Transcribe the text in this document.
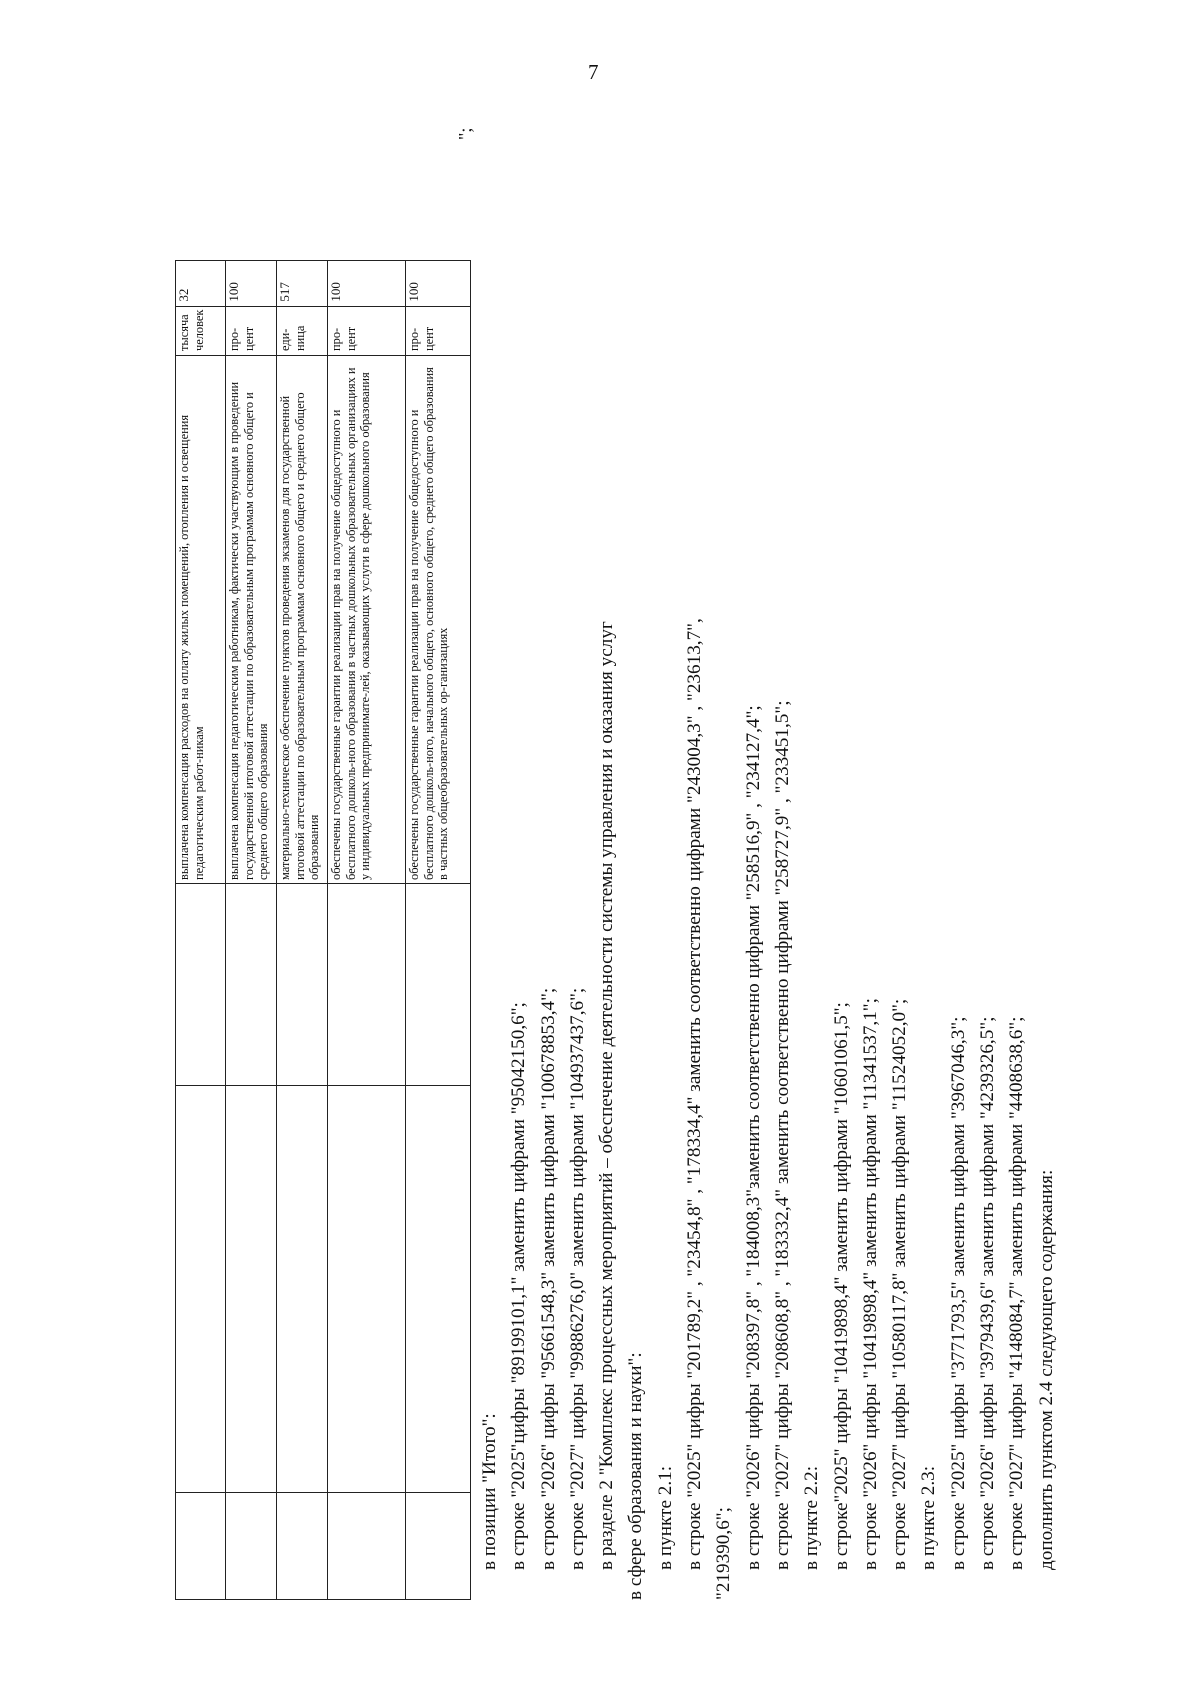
7
			выплачена компенсация расходов на оплату жилых помещений, отопления и освещения педагогическим работ-никам	тысяча человек	32
			выплачена компенсация педагогическим работникам, фактически участвующим в проведении государственной итоговой аттестации по образовательным программам основного общего и среднего общего образования	про-цент	100
			материально-техническое обеспечение пунктов проведения экзаменов для государственной итоговой аттестации по образовательным программам основного общего и среднего общего образования	еди-ница	517
			обеспечены государственные гарантии реализации прав на получение общедоступного и бесплатного дошколь-ного образования в частных дошкольных образовательных организациях и у индивидуальных предпринимате-лей, оказывающих услуги в сфере дошкольного образования	про-цент	100
			обеспечены государственные гарантии реализации прав на получение общедоступного и бесплатного дошколь-ного, начального общего, основного общего, среднего общего образования в частных общеобразовательных ор-ганизациях	про-цент	100
";

в позиции "Итого": в строке "2025"цифры "89199101,1" заменить цифрами "95042150,6"; в строке "2026" цифры "95661548,3" заменить цифрами "100678853,4"; в строке "2027" цифры "99886276,0" заменить цифрами "104937437,6"; в разделе 2 "Комплекс процессных мероприятий – обеспечение деятельности системы управления и оказания услуг в сфере образования и науки": в пункте 2.1: в строке "2025" цифры "201789,2" , "23454,8" , "178334,4" заменить соответственно цифрами "243004,3" , "23613,7", "219390,6"; в строке "2026" цифры "208397,8" , "184008,3"заменить соответственно цифрами "258516,9" , "234127,4"; в строке "2027" цифры "208608,8" , "183332,4" заменить соответственно цифрами "258727,9" , "233451,5"; в пункте 2.2: в строке"2025" цифры "10419898,4" заменить цифрами "10601061,5"; в строке "2026" цифры "10419898,4" заменить цифрами "11341537,1"; в строке "2027" цифры "10580117,8" заменить цифрами "11524052,0"; в пункте 2.3: в строке "2025" цифры "3771793,5" заменить цифрами "3967046,3"; в строке "2026" цифры "3979439,6" заменить цифрами "4239326,5"; в строке "2027" цифры "4148084,7" заменить цифрами "4408638,6"; дополнить пунктом 2.4 следующего содержания:
